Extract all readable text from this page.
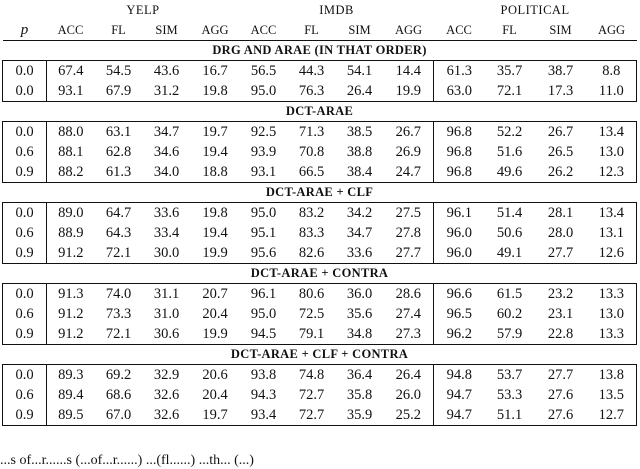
	YELP				IMDB				POLITICAL			
p	ACC	FL	SIM	AGG	ACC	FL	SIM	AGG	ACC	FL	SIM	AGG
DRG AND ARAE (IN THAT ORDER)												
0.0	67.4	54.5	43.6	16.7	56.5	44.3	54.1	14.4	61.3	35.7	38.7	8.8
0.0	93.1	67.9	31.2	19.8	95.0	76.3	26.4	19.9	63.0	72.1	17.3	11.0
DCT-ARAE												
0.0	88.0	63.1	34.7	19.7	92.5	71.3	38.5	26.7	96.8	52.2	26.7	13.4
0.6	88.1	62.8	34.6	19.4	93.9	70.8	38.8	26.9	96.8	51.6	26.5	13.0
0.9	88.2	61.3	34.0	18.8	93.1	66.5	38.4	24.7	96.8	49.6	26.2	12.3
DCT-ARAE + CLF												
0.0	89.0	64.7	33.6	19.8	95.0	83.2	34.2	27.5	96.1	51.4	28.1	13.4
0.6	88.9	64.3	33.4	19.4	95.1	83.3	34.7	27.8	96.0	50.6	28.0	13.1
0.9	91.2	72.1	30.0	19.9	95.6	82.6	33.6	27.7	96.0	49.1	27.7	12.6
DCT-ARAE + CONTRA												
0.0	91.3	74.0	31.1	20.7	96.1	80.6	36.0	28.6	96.6	61.5	23.2	13.3
0.6	91.2	73.3	31.0	20.4	95.0	72.5	35.6	27.4	96.5	60.2	23.1	13.0
0.9	91.2	72.1	30.6	19.9	94.5	79.1	34.8	27.3	96.2	57.9	22.8	13.3
DCT-ARAE + CLF + CONTRA												
0.0	89.3	69.2	32.9	20.6	93.8	74.8	36.4	26.4	94.8	53.7	27.7	13.8
0.6	89.4	68.6	32.6	20.4	94.3	72.7	35.8	26.0	94.7	53.3	27.6	13.5
0.9	89.5	67.0	32.6	19.7	93.4	72.7	35.9	25.2	94.7	51.1	27.6	12.7
...s of...r......s (...of...r......) ...(fl......) ...th... (...)
